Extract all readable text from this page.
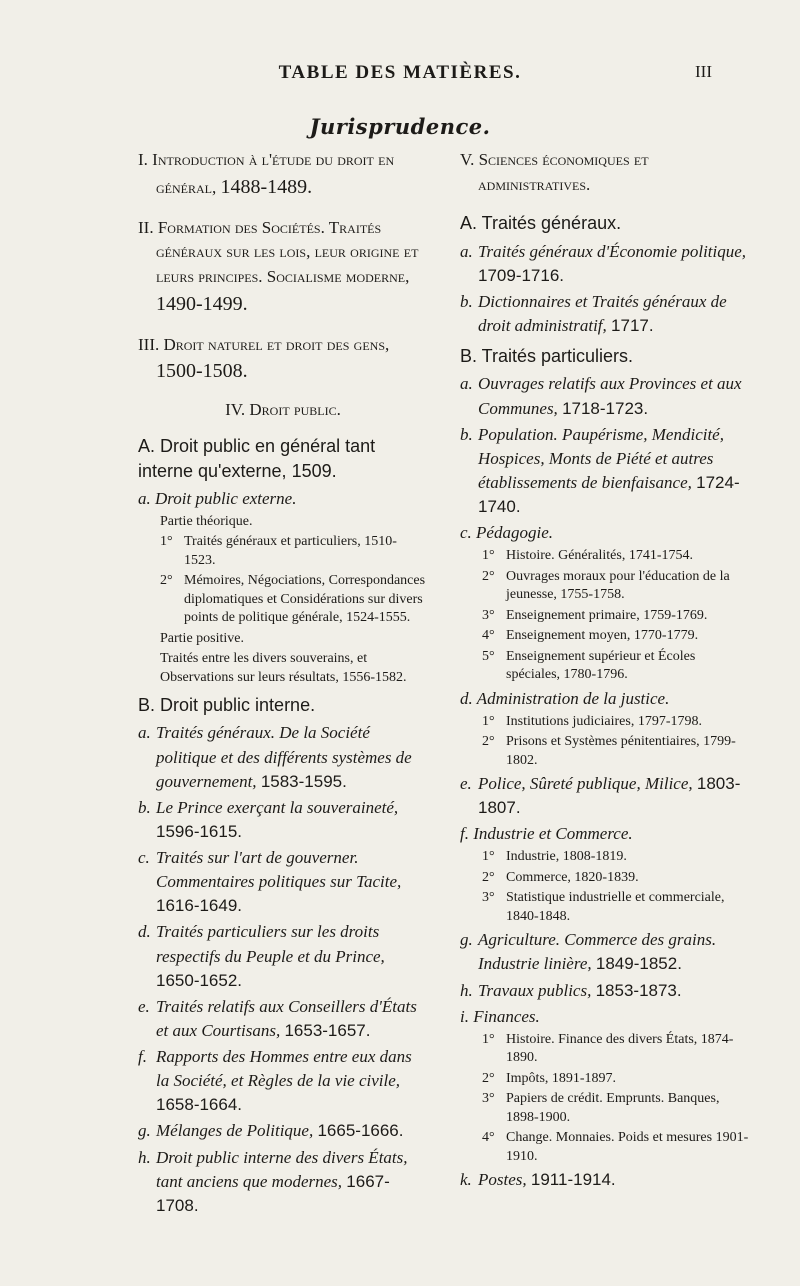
TABLE DES MATIÈRES.	III
Jurisprudence.
I. Introduction à l'étude du droit en général, 1488-1489.
II. Formation des Sociétés. Traités généraux sur les lois, leur origine et leurs principes. Socialisme moderne, 1490-1499.
III. Droit naturel et droit des gens, 1500-1508.
IV. Droit public.
A. Droit public en général tant interne qu'externe, 1509.
a. Droit public externe.
Partie théorique.
1° Traités généraux et particuliers, 1510-1523.
2° Mémoires, Négociations, Correspondances diplomatiques et Considérations sur divers points de politique générale, 1524-1555.
Partie positive.
Traités entre les divers souverains, et Observations sur leurs résultats, 1556-1582.
B. Droit public interne.
a. Traités généraux. De la Société politique et des différents systèmes de gouvernement, 1583-1595.
b. Le Prince exerçant la souveraineté, 1596-1615.
c. Traités sur l'art de gouverner. Commentaires politiques sur Tacite, 1616-1649.
d. Traités particuliers sur les droits respectifs du Peuple et du Prince, 1650-1652.
e. Traités relatifs aux Conseillers d'États et aux Courtisans, 1653-1657.
f. Rapports des Hommes entre eux dans la Société, et Règles de la vie civile, 1658-1664.
g. Mélanges de Politique, 1665-1666.
h. Droit public interne des divers États, tant anciens que modernes, 1667-1708.
V. Sciences économiques et administratives.
A. Traités généraux.
a. Traités généraux d'Économie politique, 1709-1716.
b. Dictionnaires et Traités généraux de droit administratif, 1717.
B. Traités particuliers.
a. Ouvrages relatifs aux Provinces et aux Communes, 1718-1723.
b. Population. Paupérisme, Mendicité, Hospices, Monts de Piété et autres établissements de bienfaisance, 1724-1740.
c. Pédagogie.
1° Histoire. Généralités, 1741-1754.
2° Ouvrages moraux pour l'éducation de la jeunesse, 1755-1758.
3° Enseignement primaire, 1759-1769.
4° Enseignement moyen, 1770-1779.
5° Enseignement supérieur et Écoles spéciales, 1780-1796.
d. Administration de la justice.
1° Institutions judiciaires, 1797-1798.
2° Prisons et Systèmes pénitentiaires, 1799-1802.
e. Police, Sûreté publique, Milice, 1803-1807.
f. Industrie et Commerce.
1° Industrie, 1808-1819.
2° Commerce, 1820-1839.
3° Statistique industrielle et commerciale, 1840-1848.
g. Agriculture. Commerce des grains. Industrie linière, 1849-1852.
h. Travaux publics, 1853-1873.
i. Finances.
1° Histoire. Finance des divers États, 1874-1890.
2° Impôts, 1891-1897.
3° Papiers de crédit. Emprunts. Banques, 1898-1900.
4° Change. Monnaies. Poids et mesures 1901-1910.
k. Postes, 1911-1914.
